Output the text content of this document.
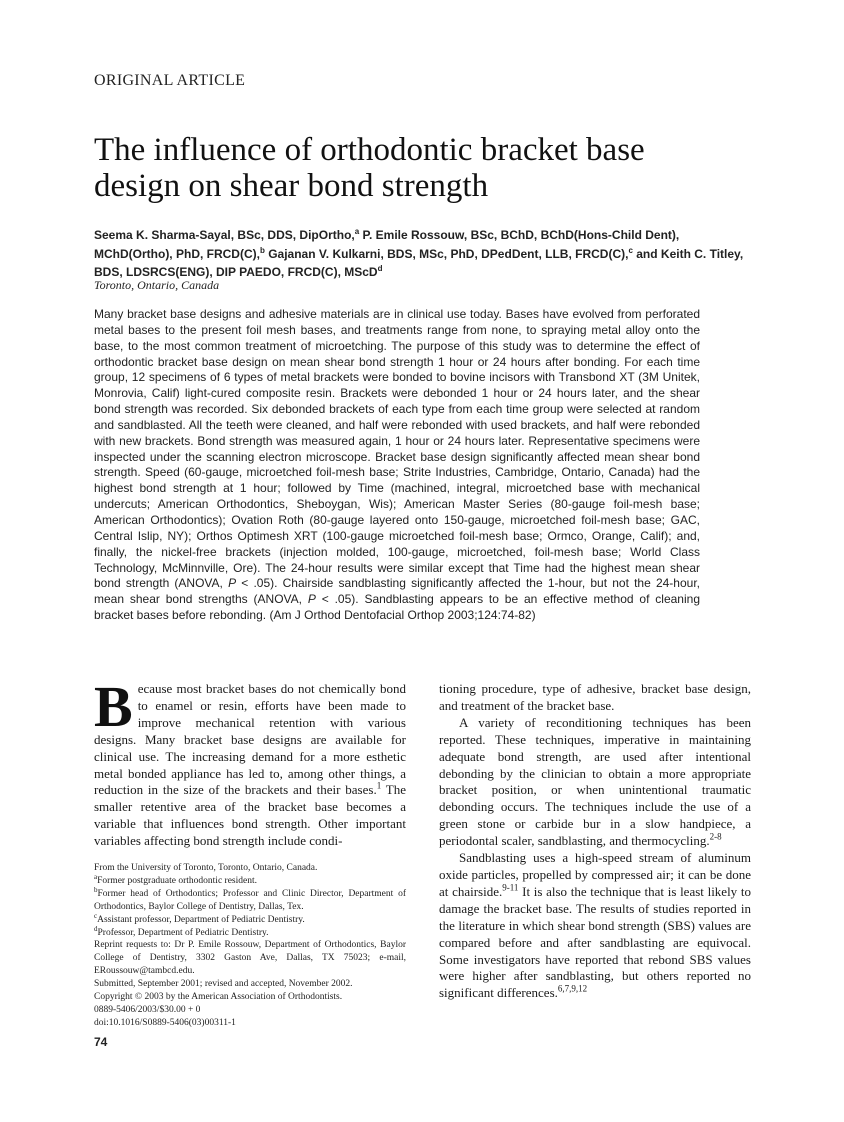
ORIGINAL ARTICLE
The influence of orthodontic bracket base
design on shear bond strength
Seema K. Sharma-Sayal, BSc, DDS, DipOrtho,$^a$ P. Emile Rossouw, BSc, BChD, BChD(Hons-Child Dent), MChD(Ortho), PhD, FRCD(C),$^b$ Gajanan V. Kulkarni, BDS, MSc, PhD, DPedDent, LLB, FRCD(C),$^c$ and Keith C. Titley, BDS, LDSRCS(ENG), DIP PAEDO, FRCD(C), MScD$^d$
Toronto, Ontario, Canada
Many bracket base designs and adhesive materials are in clinical use today. Bases have evolved from perforated metal bases to the present foil mesh bases, and treatments range from none, to spraying metal alloy onto the base, to the most common treatment of microetching. The purpose of this study was to determine the effect of orthodontic bracket base design on mean shear bond strength 1 hour or 24 hours after bonding. For each time group, 12 specimens of 6 types of metal brackets were bonded to bovine incisors with Transbond XT (3M Unitek, Monrovia, Calif) light-cured composite resin. Brackets were debonded 1 hour or 24 hours later, and the shear bond strength was recorded. Six debonded brackets of each type from each time group were selected at random and sandblasted. All the teeth were cleaned, and half were rebonded with used brackets, and half were rebonded with new brackets. Bond strength was measured again, 1 hour or 24 hours later. Representative specimens were inspected under the scanning electron microscope. Bracket base design significantly affected mean shear bond strength. Speed (60-gauge, microetched foil-mesh base; Strite Industries, Cambridge, Ontario, Canada) had the highest bond strength at 1 hour; followed by Time (machined, integral, microetched base with mechanical undercuts; American Orthodontics, Sheboygan, Wis); American Master Series (80-gauge foil-mesh base; American Orthodontics); Ovation Roth (80-gauge layered onto 150-gauge, microetched foil-mesh base; GAC, Central Islip, NY); Orthos Optimesh XRT (100-gauge microetched foil-mesh base; Ormco, Orange, Calif); and, finally, the nickel-free brackets (injection molded, 100-gauge, microetched, foil-mesh base; World Class Technology, McMinnville, Ore). The 24-hour results were similar except that Time had the highest mean shear bond strength (ANOVA, P < .05). Chairside sandblasting significantly affected the 1-hour, but not the 24-hour, mean shear bond strengths (ANOVA, P < .05). Sandblasting appears to be an effective method of cleaning bracket bases before rebonding. (Am J Orthod Dentofacial Orthop 2003;124:74-82)

Because most bracket bases do not chemically bond to enamel or resin, efforts have been made to improve mechanical retention with various designs. Many bracket base designs are available for clinical use. The increasing demand for a more esthetic metal bonded appliance has led to, among other things, a reduction in the size of the brackets and their bases.$^1$ The smaller retentive area of the bracket base becomes a variable that influences bond strength. Other important variables affecting bond strength include condi-

From the University of Toronto, Toronto, Ontario, Canada.

$^a$Former postgraduate orthodontic resident.

$^b$Former head of Orthodontics; Professor and Clinic Director, Department of Orthodontics, Baylor College of Dentistry, Dallas, Tex.

$^c$Assistant professor, Department of Pediatric Dentistry.

$^d$Professor, Department of Pediatric Dentistry.

Reprint requests to: Dr P. Emile Rossouw, Department of Orthodontics, Baylor College of Dentistry, 3302 Gaston Ave, Dallas, TX 75023; e-mail, ERoussouw@tambcd.edu.

Submitted, September 2001; revised and accepted, November 2002.

Copyright © 2003 by the American Association of Orthodontists.

0889-5406/2003/$30.00 + 0

doi:10.1016/S0889-5406(03)00311-1

tioning procedure, type of adhesive, bracket base design, and treatment of the bracket base.

A variety of reconditioning techniques has been reported. These techniques, imperative in maintaining adequate bond strength, are used after intentional debonding by the clinician to obtain a more appropriate bracket position, or when unintentional traumatic debonding occurs. The techniques include the use of a green stone or carbide bur in a slow handpiece, a periodontal scaler, sandblasting, and thermocycling.$^{2-8}$

Sandblasting uses a high-speed stream of aluminum oxide particles, propelled by compressed air; it can be done at chairside.$^{9-11}$ It is also the technique that is least likely to damage the bracket base. The results of studies reported in the literature in which shear bond strength (SBS) values are compared before and after sandblasting are equivocal. Some investigators have reported that rebond SBS values were higher after sandblasting, but others reported no significant differences.$^{6,7,9,12}$

74
